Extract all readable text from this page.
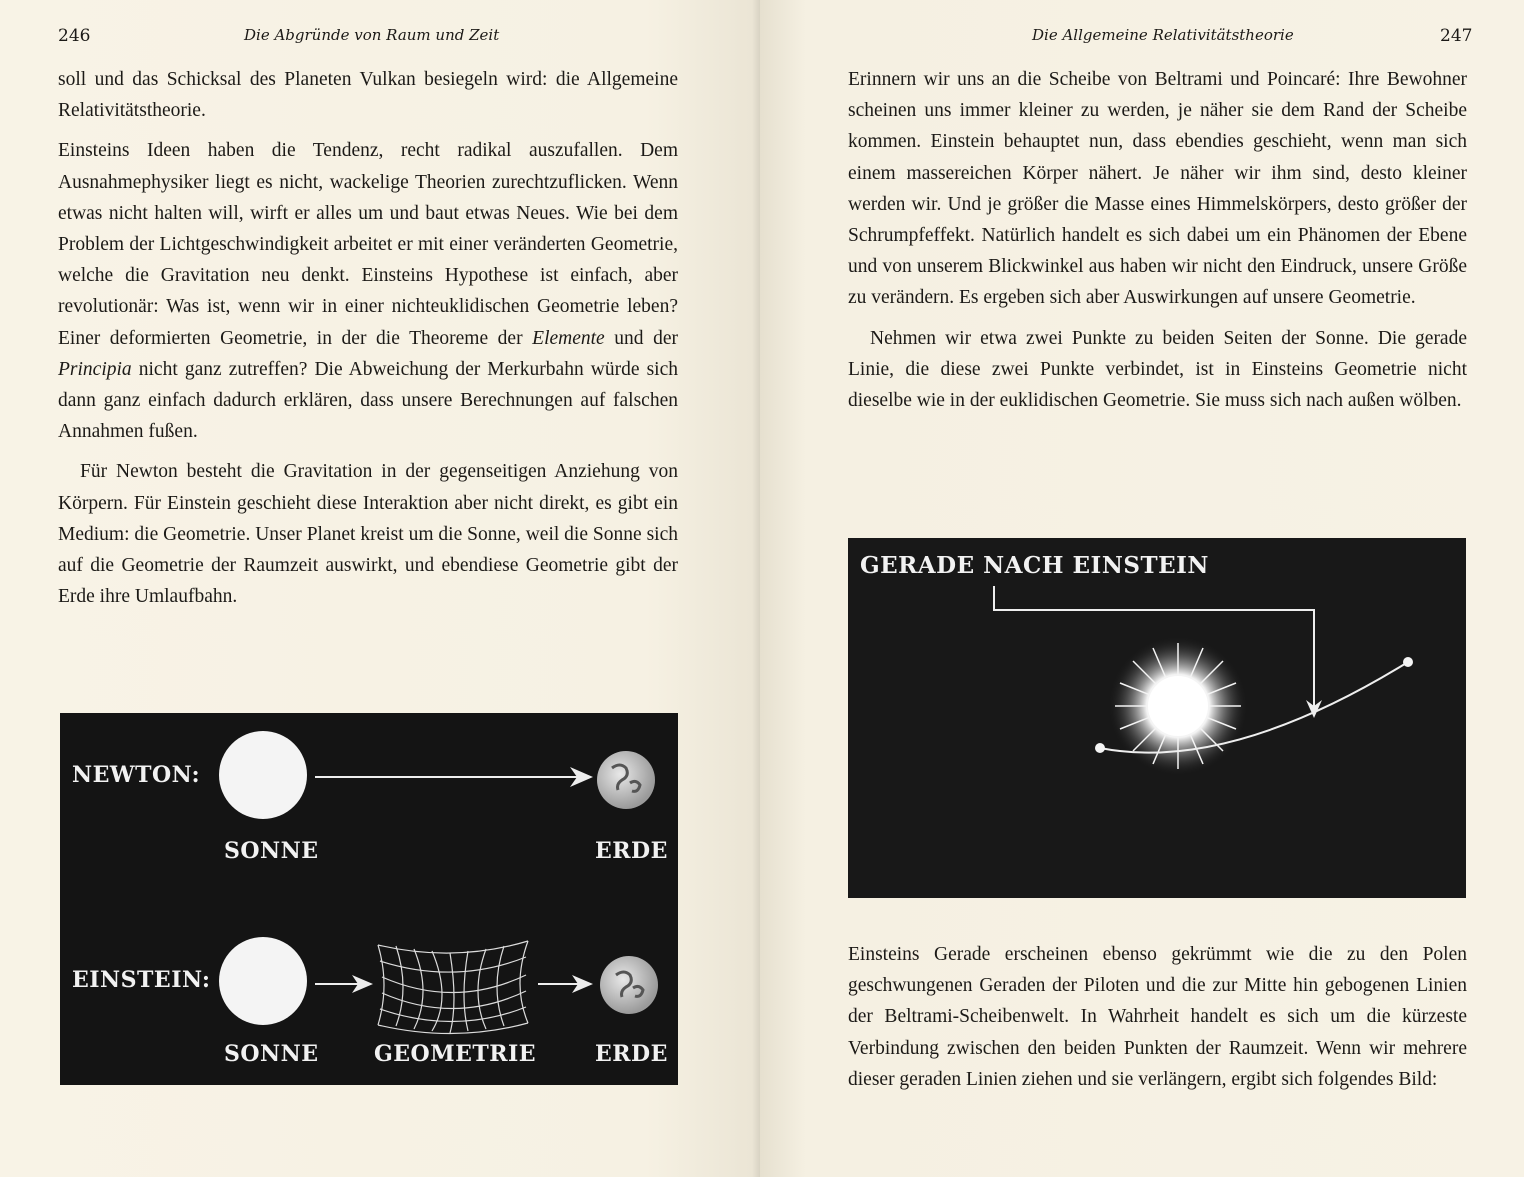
246	Die Abgründe von Raum und Zeit

soll und das Schicksal des Planeten Vulkan besiegeln wird: die Allgemeine Relativitätstheorie.

Einsteins Ideen haben die Tendenz, recht radikal auszufallen. Dem Ausnahmephysiker liegt es nicht, wackelige Theorien zurechtzuflicken. Wenn etwas nicht halten will, wirft er alles um und baut etwas Neues. Wie bei dem Problem der Lichtgeschwindigkeit arbeitet er mit einer veränderten Geometrie, welche die Gravitation neu denkt. Einsteins Hypothese ist einfach, aber revolutionär: Was ist, wenn wir in einer nichteuklidischen Geometrie leben? Einer deformierten Geometrie, in der die Theoreme der Elemente und der Principia nicht ganz zutreffen? Die Abweichung der Merkurbahn würde sich dann ganz einfach dadurch erklären, dass unsere Berechnungen auf falschen Annahmen fußen.

Für Newton besteht die Gravitation in der gegenseitigen Anziehung von Körpern. Für Einstein geschieht diese Interaktion aber nicht direkt, es gibt ein Medium: die Geometrie. Unser Planet kreist um die Sonne, weil die Sonne sich auf die Geometrie der Raumzeit auswirkt, und ebendiese Geometrie gibt der Erde ihre Umlaufbahn.

NEWTON:
SONNE	ERDE
EINSTEIN:
SONNE	GEOMETRIE	ERDE
Die Allgemeine Relativitätstheorie	247

Erinnern wir uns an die Scheibe von Beltrami und Poincaré: Ihre Bewohner scheinen uns immer kleiner zu werden, je näher sie dem Rand der Scheibe kommen. Einstein behauptet nun, dass ebendies geschieht, wenn man sich einem massereichen Körper nähert. Je näher wir ihm sind, desto kleiner werden wir. Und je größer die Masse eines Himmelskörpers, desto größer der Schrumpfeffekt. Natürlich handelt es sich dabei um ein Phänomen der Ebene und von unserem Blickwinkel aus haben wir nicht den Eindruck, unsere Größe zu verändern. Es ergeben sich aber Auswirkungen auf unsere Geometrie.

Nehmen wir etwa zwei Punkte zu beiden Seiten der Sonne. Die gerade Linie, die diese zwei Punkte verbindet, ist in Einsteins Geometrie nicht dieselbe wie in der euklidischen Geometrie. Sie muss sich nach außen wölben.

GERADE NACH EINSTEIN

Einsteins Gerade erscheinen ebenso gekrümmt wie die zu den Polen geschwungenen Geraden der Piloten und die zur Mitte hin gebogenen Linien der Beltrami-Scheibenwelt. In Wahrheit handelt es sich um die kürzeste Verbindung zwischen den beiden Punkten der Raumzeit. Wenn wir mehrere dieser geraden Linien ziehen und sie verlängern, ergibt sich folgendes Bild:
